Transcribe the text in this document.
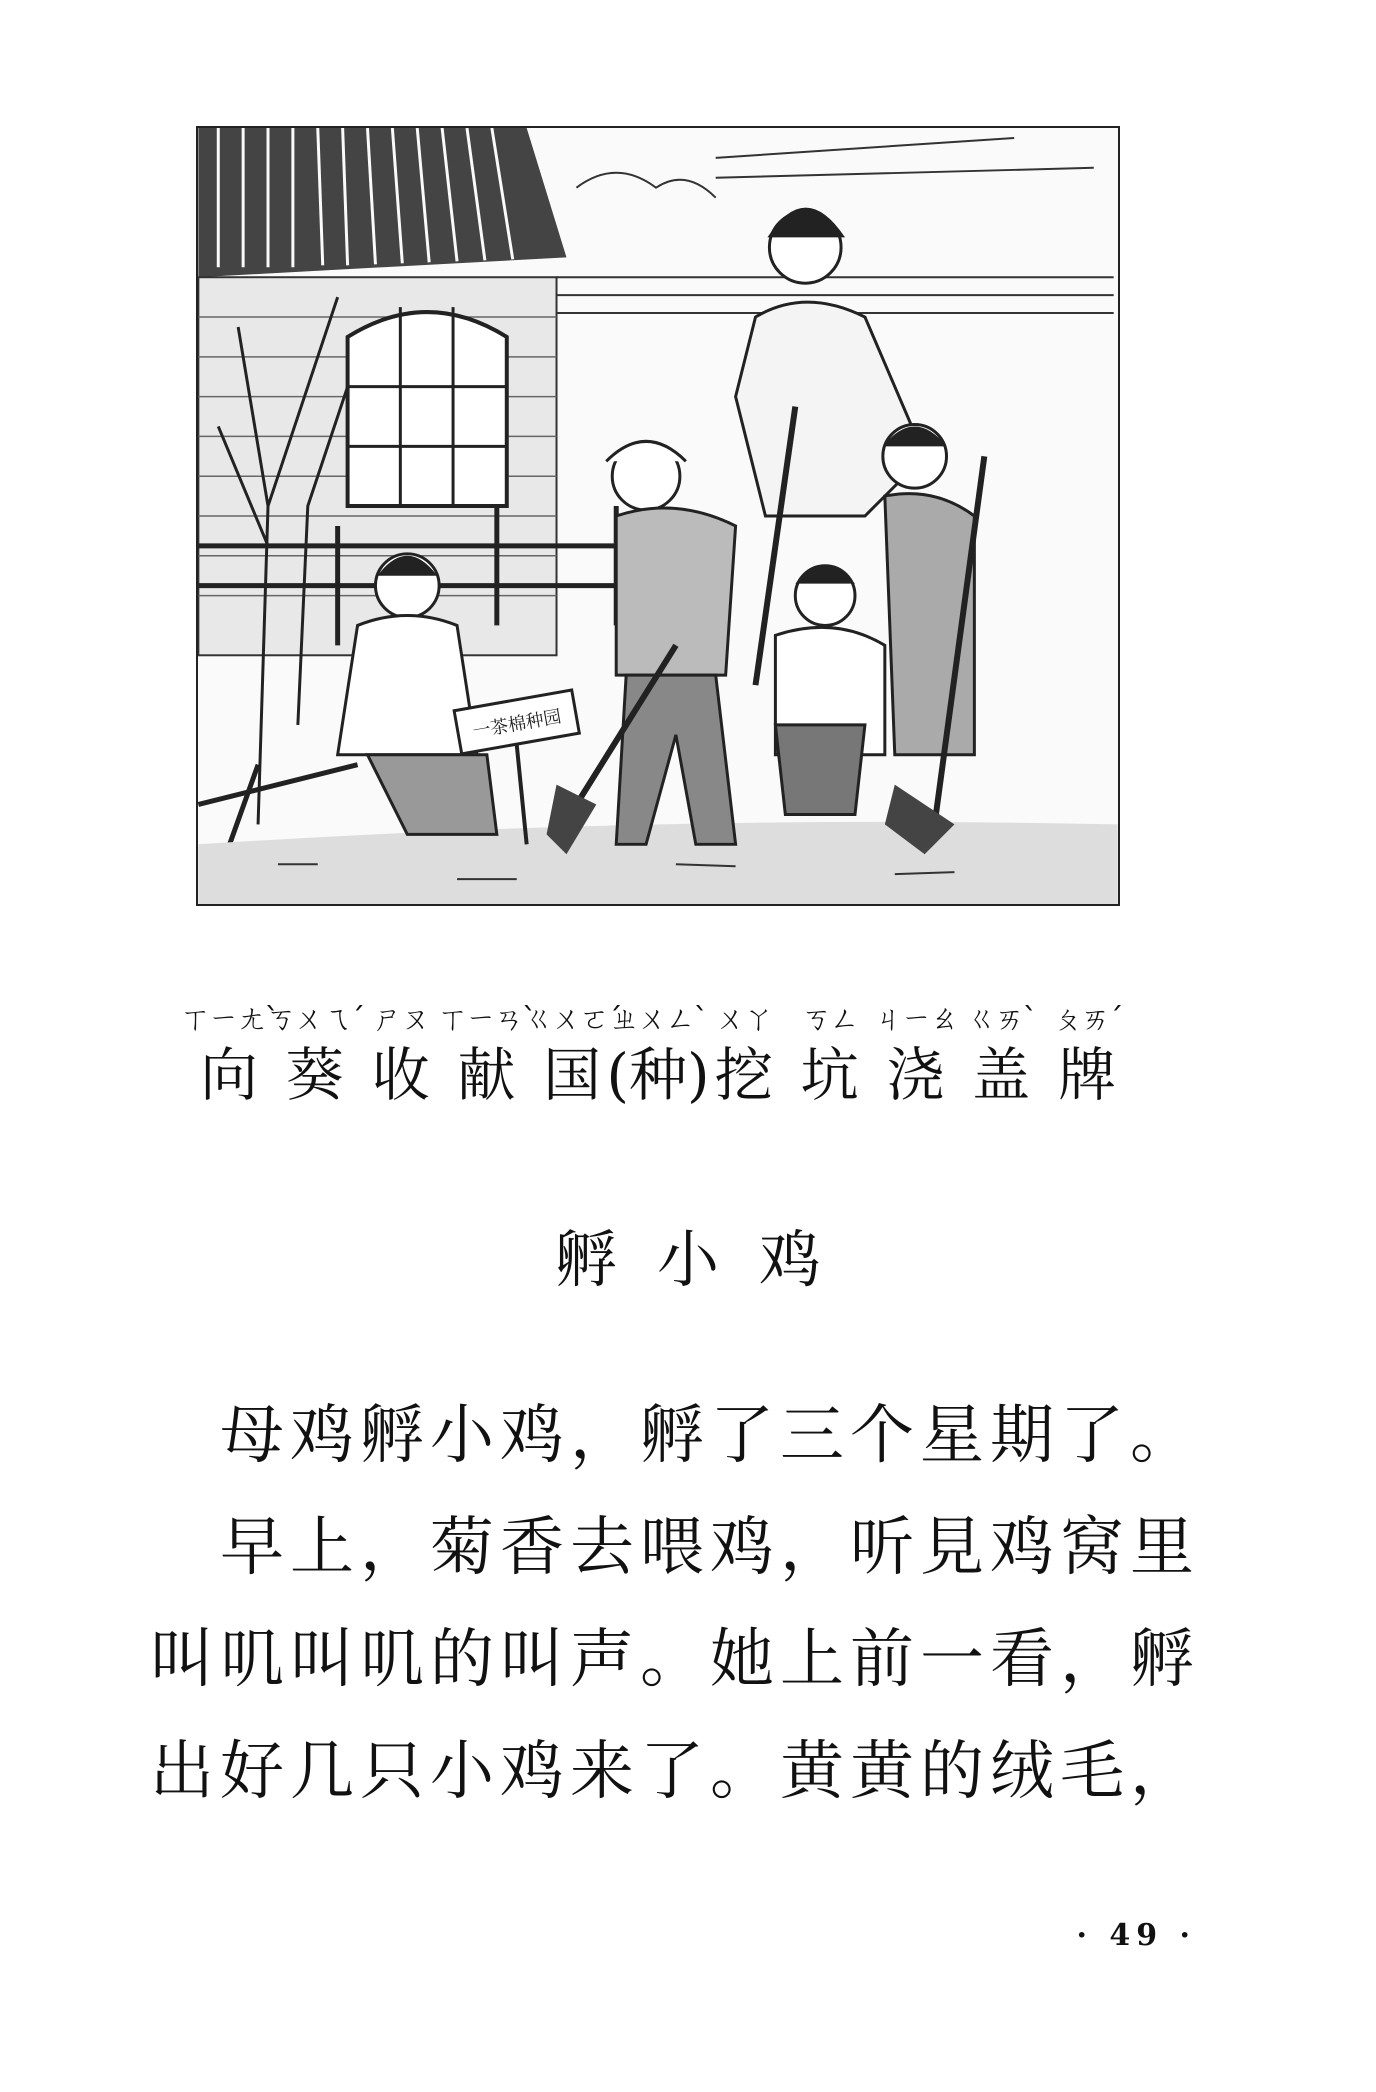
一茶棉种园
ㄒㄧㄤˋ
向
ㄎㄨㄟˊ
葵
ㄕㄡ
收
ㄒㄧㄢˋ
献
ㄍㄨㄛˊ
国
ㄓㄨㄥˋ
(种)
ㄨㄚ
挖
ㄎㄥ
坑
ㄐㄧㄠ
浇
ㄍㄞˋ
盖
ㄆㄞˊ
牌
孵小鸡

母鸡孵小鸡，孵了三个星期了。

早上，菊香去喂鸡，听見鸡窝里

叫叽叫叽的叫声。她上前一看，孵

出好几只小鸡来了。黄黄的绒毛，

· 49 ·
